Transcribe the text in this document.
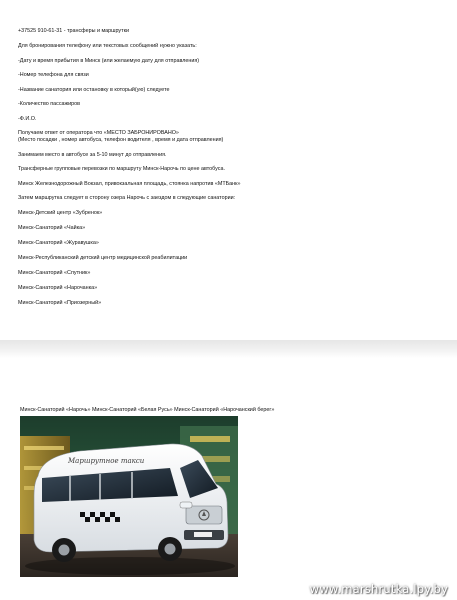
+37525 910-61-31 - трансферы и маршрутки
Для бронирования телефону или текстовых сообщений нужно указать:
-Дату и время прибытия в Минск (или желаемую дату для отправления)
-Номер телефона для связи
-Название санатория или остановку в который(ую) следуете
-Количество пассажиров
-Ф.И.О.
Получаем ответ от оператора что «МЕСТО ЗАБРОНИРОВАНО»
(Место посадки , номер автобуса, телефон водителя , время и дата отправления)
Занимаем место в автобусе за 5-10 минут до отправления.
Трансферные групповые перевозки по маршруту Минск-Нарочь по цене автобуса.
Минск Железнодорожный Вокзал, привокзальная площадь, стоянка напротив «МТБанк»
Затем маршрутка следует в сторону озера Нарочь с заездом в следующие санатории:
Минск-Детский центр «Зубренок»
Минск-Санаторий «Чайка»
Минск-Санаторий «Журавушка»
Минск-Республиканский детский центр медицинской реабилитации
Минск-Санаторий «Спутник»
Минск-Санаторий «Нарочанка»
Минск-Санаторий «Приозерный»
Минск-Санаторий «Нарочь» Минск-Санаторий «Белая Русь» Минск-Санаторий «Нарочанский берег»
Маршрутное такси
www.marshrutka.lpy.by
